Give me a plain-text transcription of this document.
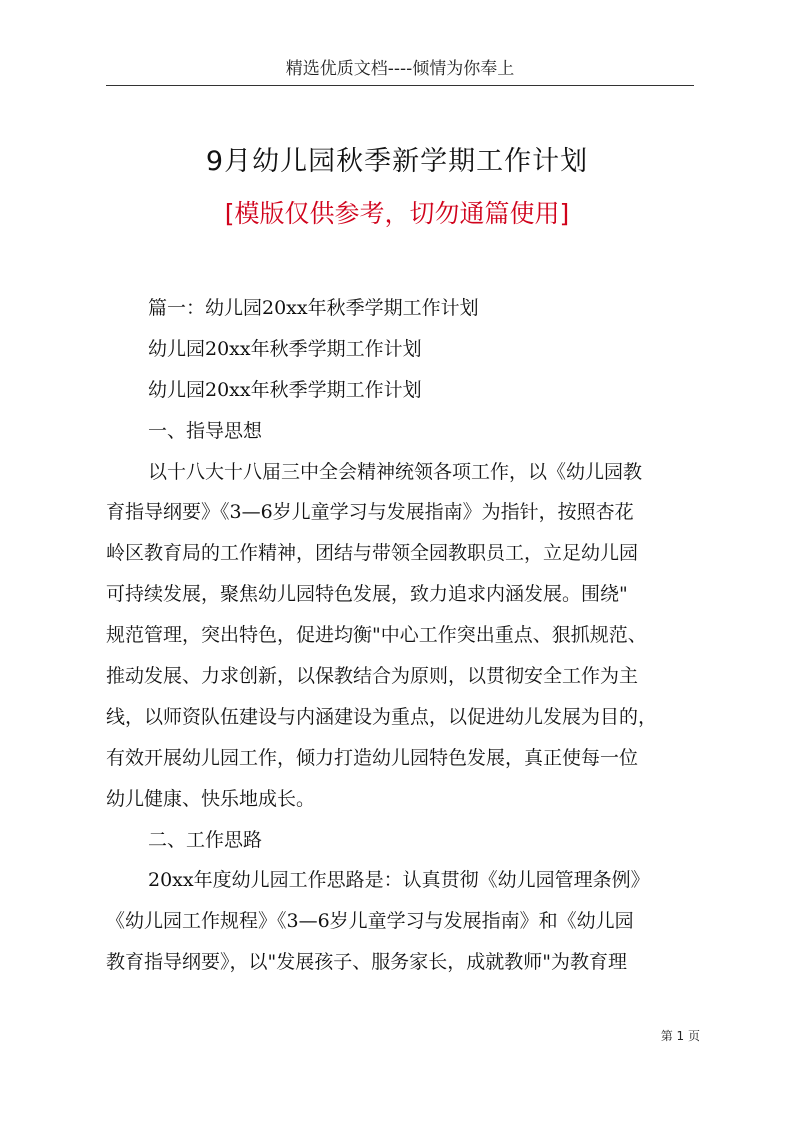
精选优质文档----倾情为你奉上
9月幼儿园秋季新学期工作计划
[模版仅供参考，切勿通篇使用]
篇一：幼儿园20xx年秋季学期工作计划
幼儿园20xx年秋季学期工作计划
幼儿园20xx年秋季学期工作计划
一、指导思想
以十八大十八届三中全会精神统领各项工作，以《幼儿园教
育指导纲要》《3—6岁儿童学习与发展指南》为指针，按照杏花
岭区教育局的工作精神，团结与带领全园教职员工，立足幼儿园
可持续发展，聚焦幼儿园特色发展，致力追求内涵发展。围绕"
规范管理，突出特色，促进均衡"中心工作突出重点、狠抓规范、
推动发展、力求创新，以保教结合为原则，以贯彻安全工作为主
线，以师资队伍建设与内涵建设为重点，以促进幼儿发展为目的，
有效开展幼儿园工作，倾力打造幼儿园特色发展，真正使每一位
幼儿健康、快乐地成长。
二、工作思路
20xx年度幼儿园工作思路是：认真贯彻《幼儿园管理条例》
《幼儿园工作规程》《3—6岁儿童学习与发展指南》和《幼儿园
教育指导纲要》，以"发展孩子、服务家长，成就教师"为教育理
第 1 页
